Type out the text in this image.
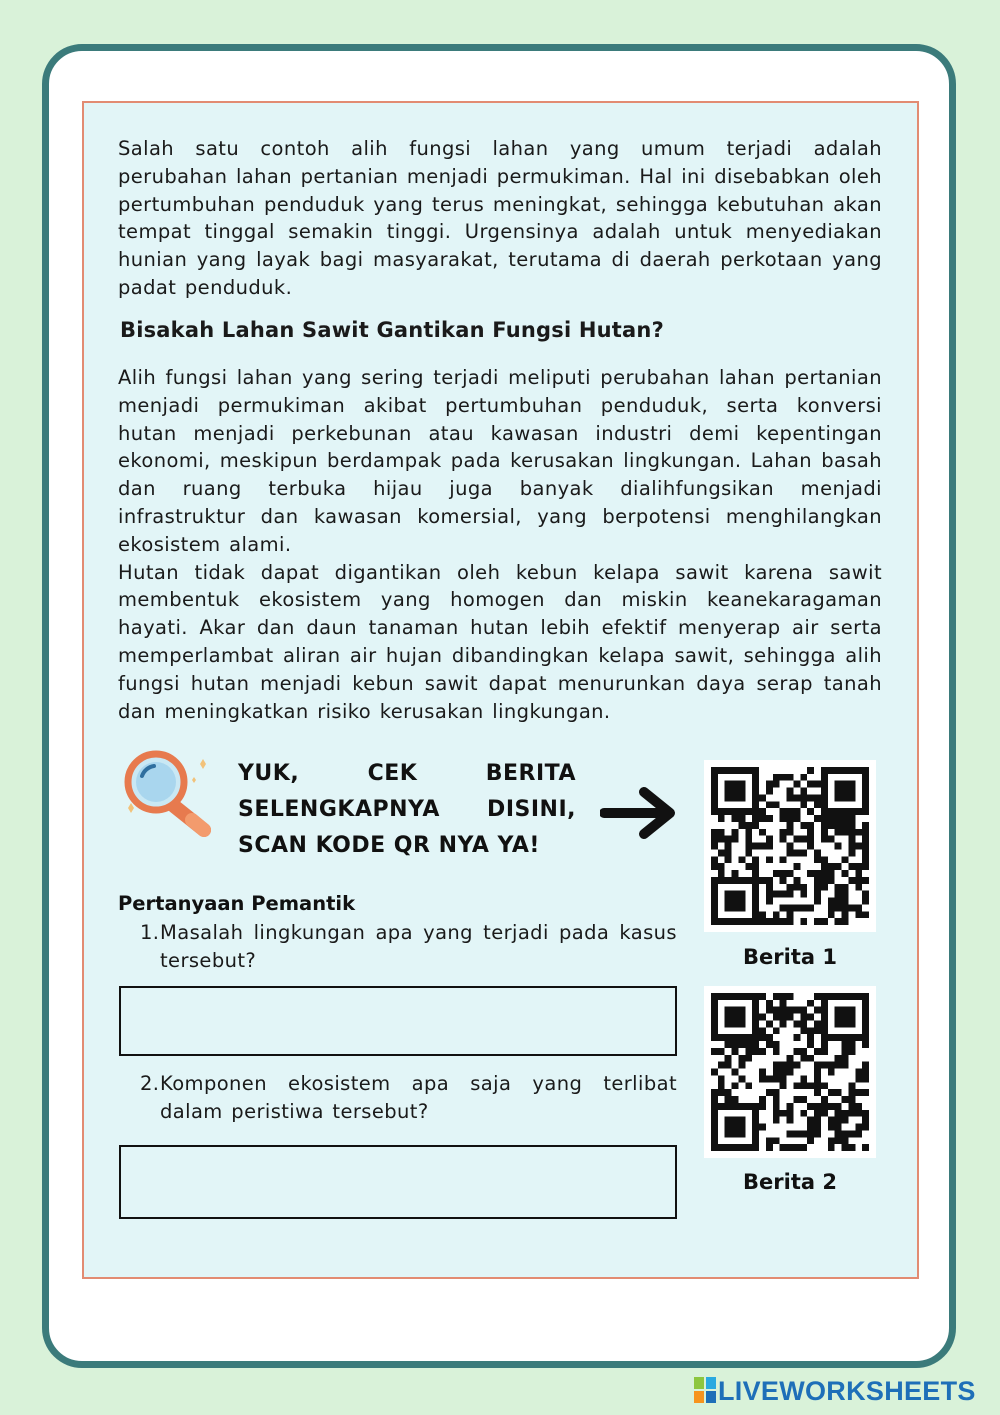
Salah satu contoh alih fungsi lahan yang umum terjadi adalah perubahan lahan pertanian menjadi permukiman. Hal ini disebabkan oleh pertumbuhan penduduk yang terus meningkat, sehingga kebutuhan akan tempat tinggal semakin tinggi. Urgensinya adalah untuk menyediakan hunian yang layak bagi masyarakat, terutama di daerah perkotaan yang padat penduduk.

Bisakah Lahan Sawit Gantikan Fungsi Hutan?

Alih fungsi lahan yang sering terjadi meliputi perubahan lahan pertanian menjadi permukiman akibat pertumbuhan penduduk, serta konversi hutan menjadi perkebunan atau kawasan industri demi kepentingan ekonomi, meskipun berdampak pada kerusakan lingkungan. Lahan basah dan ruang terbuka hijau juga banyak dialihfungsikan menjadi infrastruktur dan kawasan komersial, yang berpotensi menghilangkan ekosistem alami.

Hutan tidak dapat digantikan oleh kebun kelapa sawit karena sawit membentuk ekosistem yang homogen dan miskin keanekaragaman hayati. Akar dan daun tanaman hutan lebih efektif menyerap air serta memperlambat aliran air hujan dibandingkan kelapa sawit, sehingga alih fungsi hutan menjadi kebun sawit dapat menurunkan daya serap tanah dan meningkatkan risiko kerusakan lingkungan.

YUK, CEK BERITA
SELENGKAPNYA DISINI,
SCAN KODE QR NYA YA!
Berita 1
Berita 2
Pertanyaan Pemantik
1. Masalah lingkungan apa yang terjadi pada kasus tersebut?
2. Komponen ekosistem apa saja yang terlibat dalam peristiwa tersebut?
LIVEWORKSHEETS
